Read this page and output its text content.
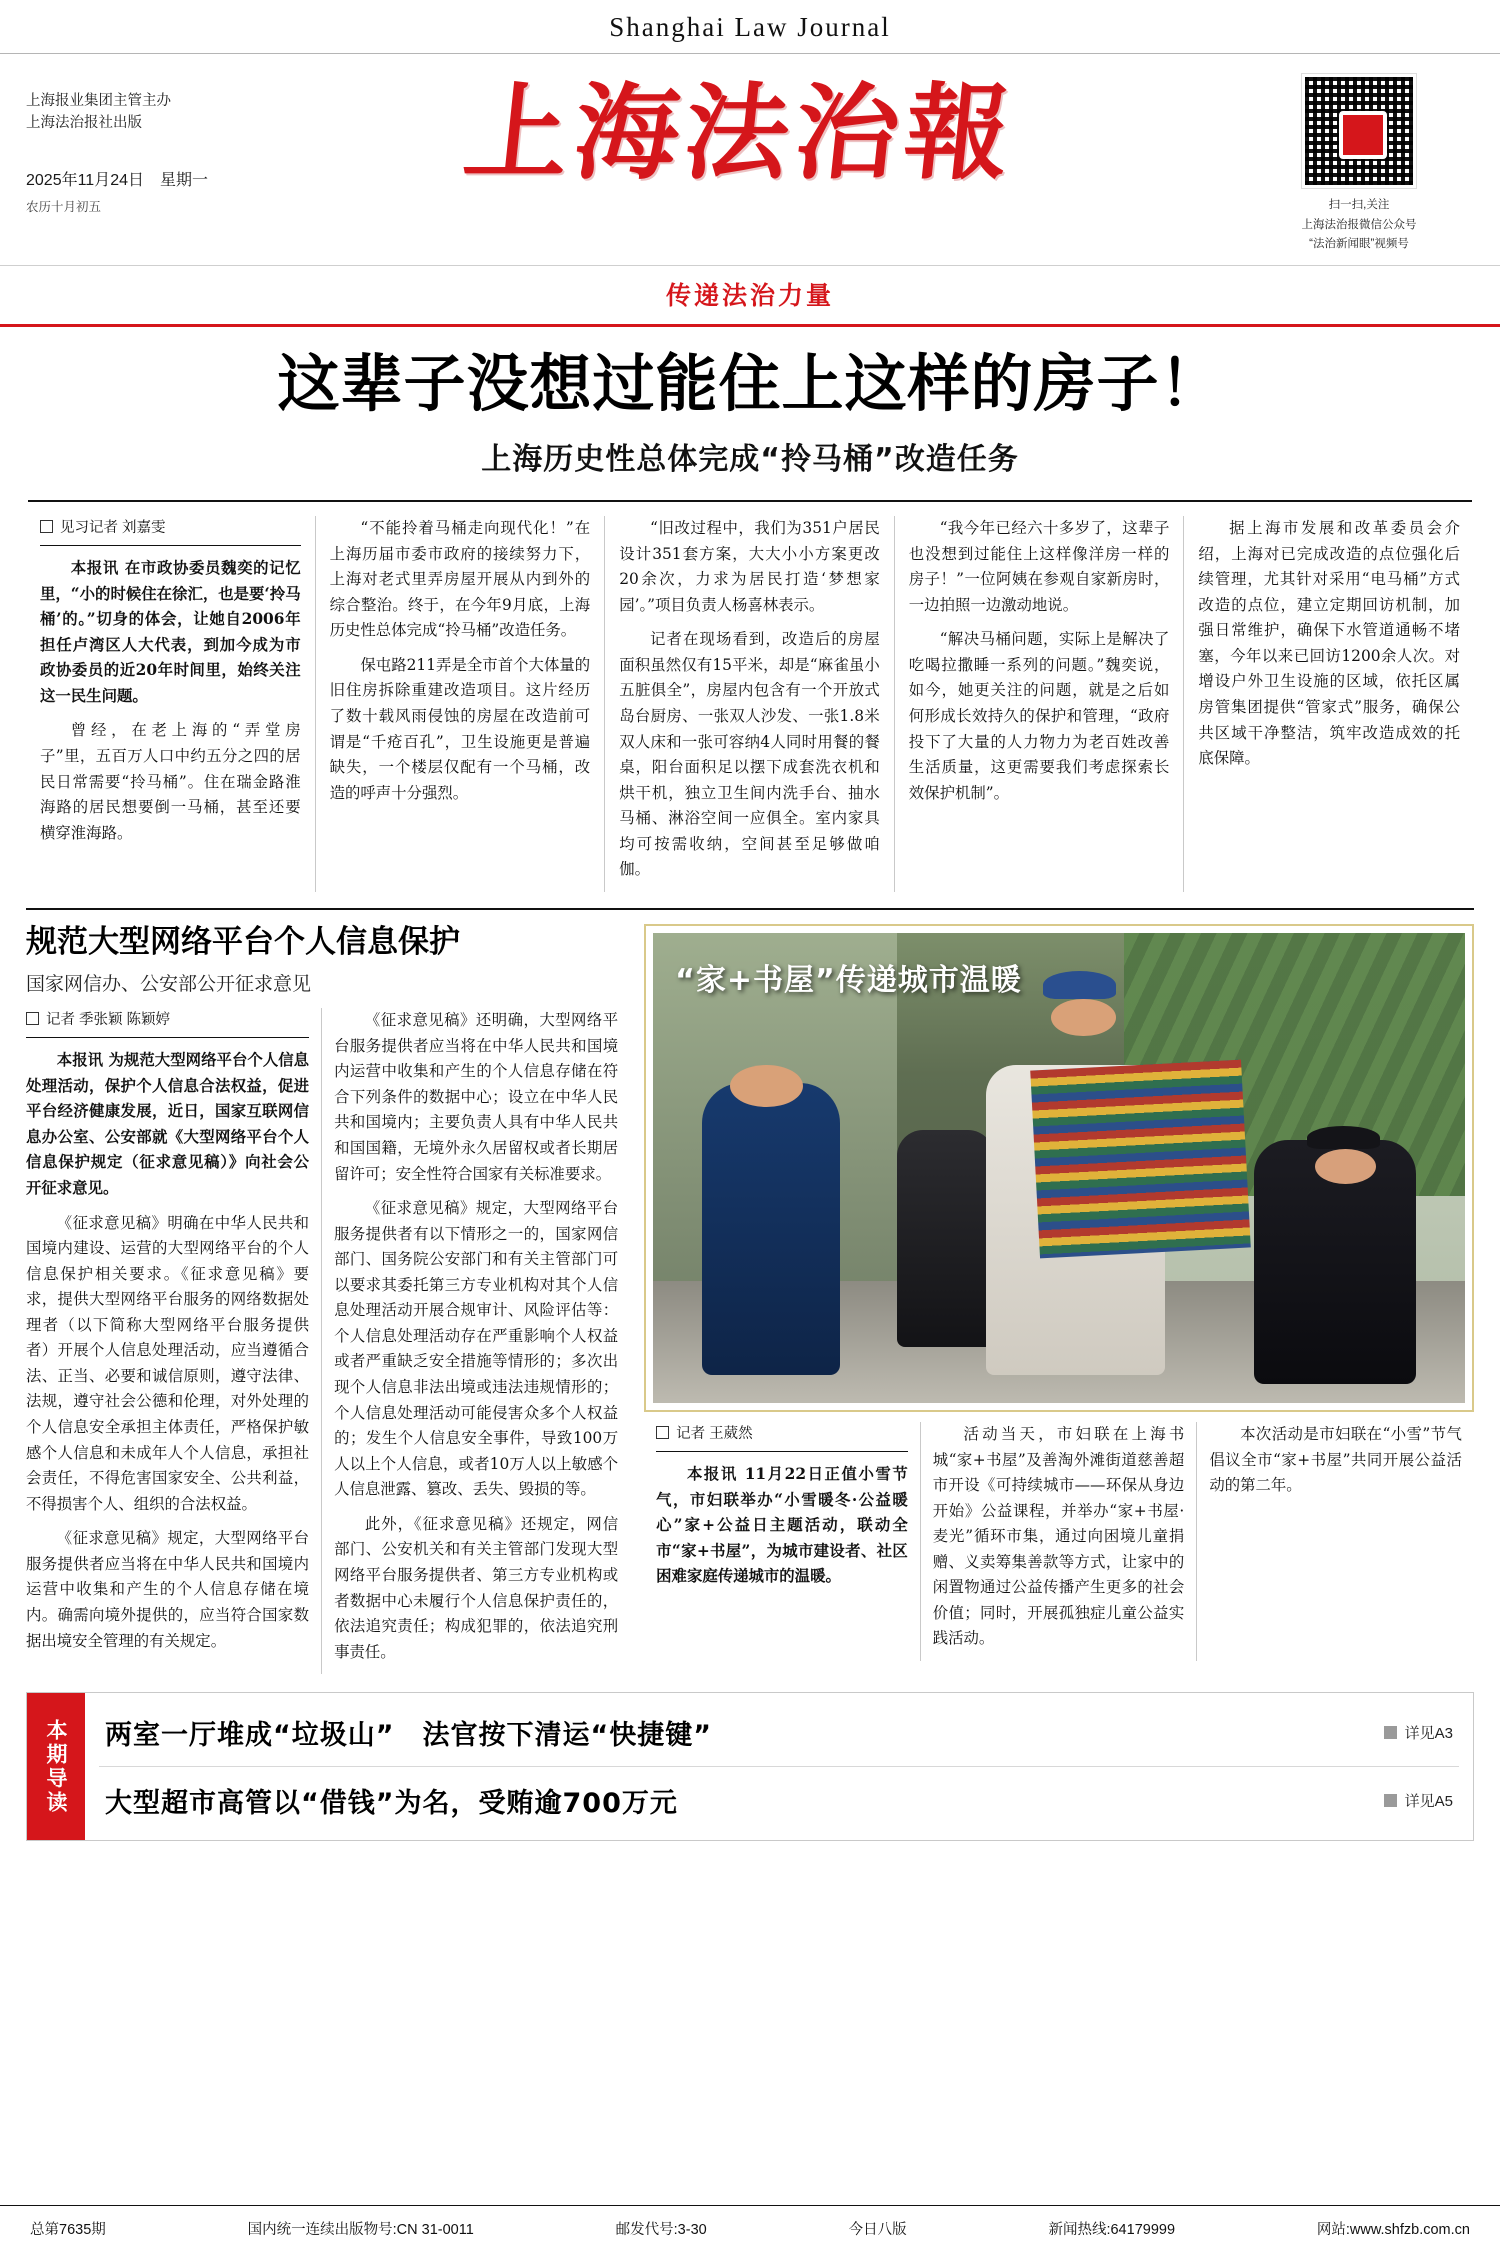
Shanghai Law Journal
上海报业集团主管主办
上海法治报社出版
2025年11月24日　星期一
农历十月初五
上海法治報
扫一扫,关注
上海法治报微信公众号
“法治新闻眼”视频号
传递法治力量
这辈子没想过能住上这样的房子！
上海历史性总体完成“拎马桶”改造任务
见习记者 刘嘉雯

本报讯 在市政协委员魏奕的记忆里，“小的时候住在徐汇，也是要‘拎马桶’的。”切身的体会，让她自2006年担任卢湾区人大代表，到加今成为市政协委员的近20年时间里，始终关注这一民生问题。

曾经，在老上海的“弄堂房子”里，五百万人口中约五分之四的居民日常需要“拎马桶”。住在瑞金路淮海路的居民想要倒一马桶，甚至还要横穿淮海路。

“不能拎着马桶走向现代化！”在上海历届市委市政府的接续努力下，上海对老式里弄房屋开展从内到外的综合整治。终于，在今年9月底，上海历史性总体完成“拎马桶”改造任务。

保屯路211弄是全市首个大体量的旧住房拆除重建改造项目。这片经历了数十载风雨侵蚀的房屋在改造前可谓是“千疮百孔”，卫生设施更是普遍缺失，一个楼层仅配有一个马桶，改造的呼声十分强烈。

“旧改过程中，我们为351户居民设计351套方案，大大小小方案更改20余次，力求为居民打造‘梦想家园’。”项目负责人杨喜林表示。

记者在现场看到，改造后的房屋面积虽然仅有15平米，却是“麻雀虽小五脏俱全”，房屋内包含有一个开放式岛台厨房、一张双人沙发、一张1.8米双人床和一张可容纳4人同时用餐的餐桌，阳台面积足以摆下成套洗衣机和烘干机，独立卫生间内洗手台、抽水马桶、淋浴空间一应俱全。室内家具均可按需收纳，空间甚至足够做咱伽。

“我今年已经六十多岁了，这辈子也没想到过能住上这样像洋房一样的房子！”一位阿姨在参观自家新房时，一边拍照一边激动地说。

“解决马桶问题，实际上是解决了吃喝拉撒睡一系列的问题。”魏奕说，如今，她更关注的问题，就是之后如何形成长效持久的保护和管理，“政府投下了大量的人力物力为老百姓改善生活质量，这更需要我们考虑探索长效保护机制”。

据上海市发展和改革委员会介绍，上海对已完成改造的点位强化后续管理，尤其针对采用“电马桶”方式改造的点位，建立定期回访机制，加强日常维护，确保下水管道通畅不堵塞，今年以来已回访1200余人次。对增设户外卫生设施的区域，依托区属房管集团提供“管家式”服务，确保公共区域干净整洁，筑牢改造成效的托底保障。

规范大型网络平台个人信息保护
国家网信办、公安部公开征求意见
记者 季张颖 陈颖婷

本报讯 为规范大型网络平台个人信息处理活动，保护个人信息合法权益，促进平台经济健康发展，近日，国家互联网信息办公室、公安部就《大型网络平台个人信息保护规定（征求意见稿）》向社会公开征求意见。

《征求意见稿》明确在中华人民共和国境内建设、运营的大型网络平台的个人信息保护相关要求。《征求意见稿》要求，提供大型网络平台服务的网络数据处理者（以下简称大型网络平台服务提供者）开展个人信息处理活动，应当遵循合法、正当、必要和诚信原则，遵守法律、法规，遵守社会公德和伦理，对外处理的个人信息安全承担主体责任，严格保护敏感个人信息和未成年人个人信息，承担社会责任，不得危害国家安全、公共利益，不得损害个人、组织的合法权益。

《征求意见稿》规定，大型网络平台服务提供者应当将在中华人民共和国境内运营中收集和产生的个人信息存储在境内。确需向境外提供的，应当符合国家数据出境安全管理的有关规定。

《征求意见稿》还明确，大型网络平台服务提供者应当将在中华人民共和国境内运营中收集和产生的个人信息存储在符合下列条件的数据中心；设立在中华人民共和国境内；主要负责人具有中华人民共和国国籍，无境外永久居留权或者长期居留许可；安全性符合国家有关标准要求。

《征求意见稿》规定，大型网络平台服务提供者有以下情形之一的，国家网信部门、国务院公安部门和有关主管部门可以要求其委托第三方专业机构对其个人信息处理活动开展合规审计、风险评估等：个人信息处理活动存在严重影响个人权益或者严重缺乏安全措施等情形的；多次出现个人信息非法出境或违法违规情形的；个人信息处理活动可能侵害众多个人权益的；发生个人信息安全事件，导致100万人以上个人信息，或者10万人以上敏感个人信息泄露、篡改、丢失、毁损的等。

此外，《征求意见稿》还规定，网信部门、公安机关和有关主管部门发现大型网络平台服务提供者、第三方专业机构或者数据中心未履行个人信息保护责任的，依法追究责任；构成犯罪的，依法追究刑事责任。

“家+书屋”传递城市温暖
记者 王葳然

本报讯 11月22日正值小雪节气，市妇联举办“小雪暖冬·公益暖心”家+公益日主题活动，联动全市“家+书屋”，为城市建设者、社区困难家庭传递城市的温暖。

活动当天，市妇联在上海书城“家+书屋”及善淘外滩街道慈善超市开设《可持续城市——环保从身边开始》公益课程，并举办“家+书屋·麦光”循环市集，通过向困境儿童捐赠、义卖筹集善款等方式，让家中的闲置物通过公益传播产生更多的社会价值；同时，开展孤独症儿童公益实践活动。

本次活动是市妇联在“小雪”节气倡议全市“家+书屋”共同开展公益活动的第二年。

本期导读	两室一厅堆成“垃圾山”　法官按下清运“快捷键”	详见A3
大型超市高管以“借钱”为名，受贿逾700万元	详见A5
总第7635期	国内统一连续出版物号:CN 31-0011	邮发代号:3-30	今日八版	新闻热线:64179999	网站:www.shfzb.com.cn
